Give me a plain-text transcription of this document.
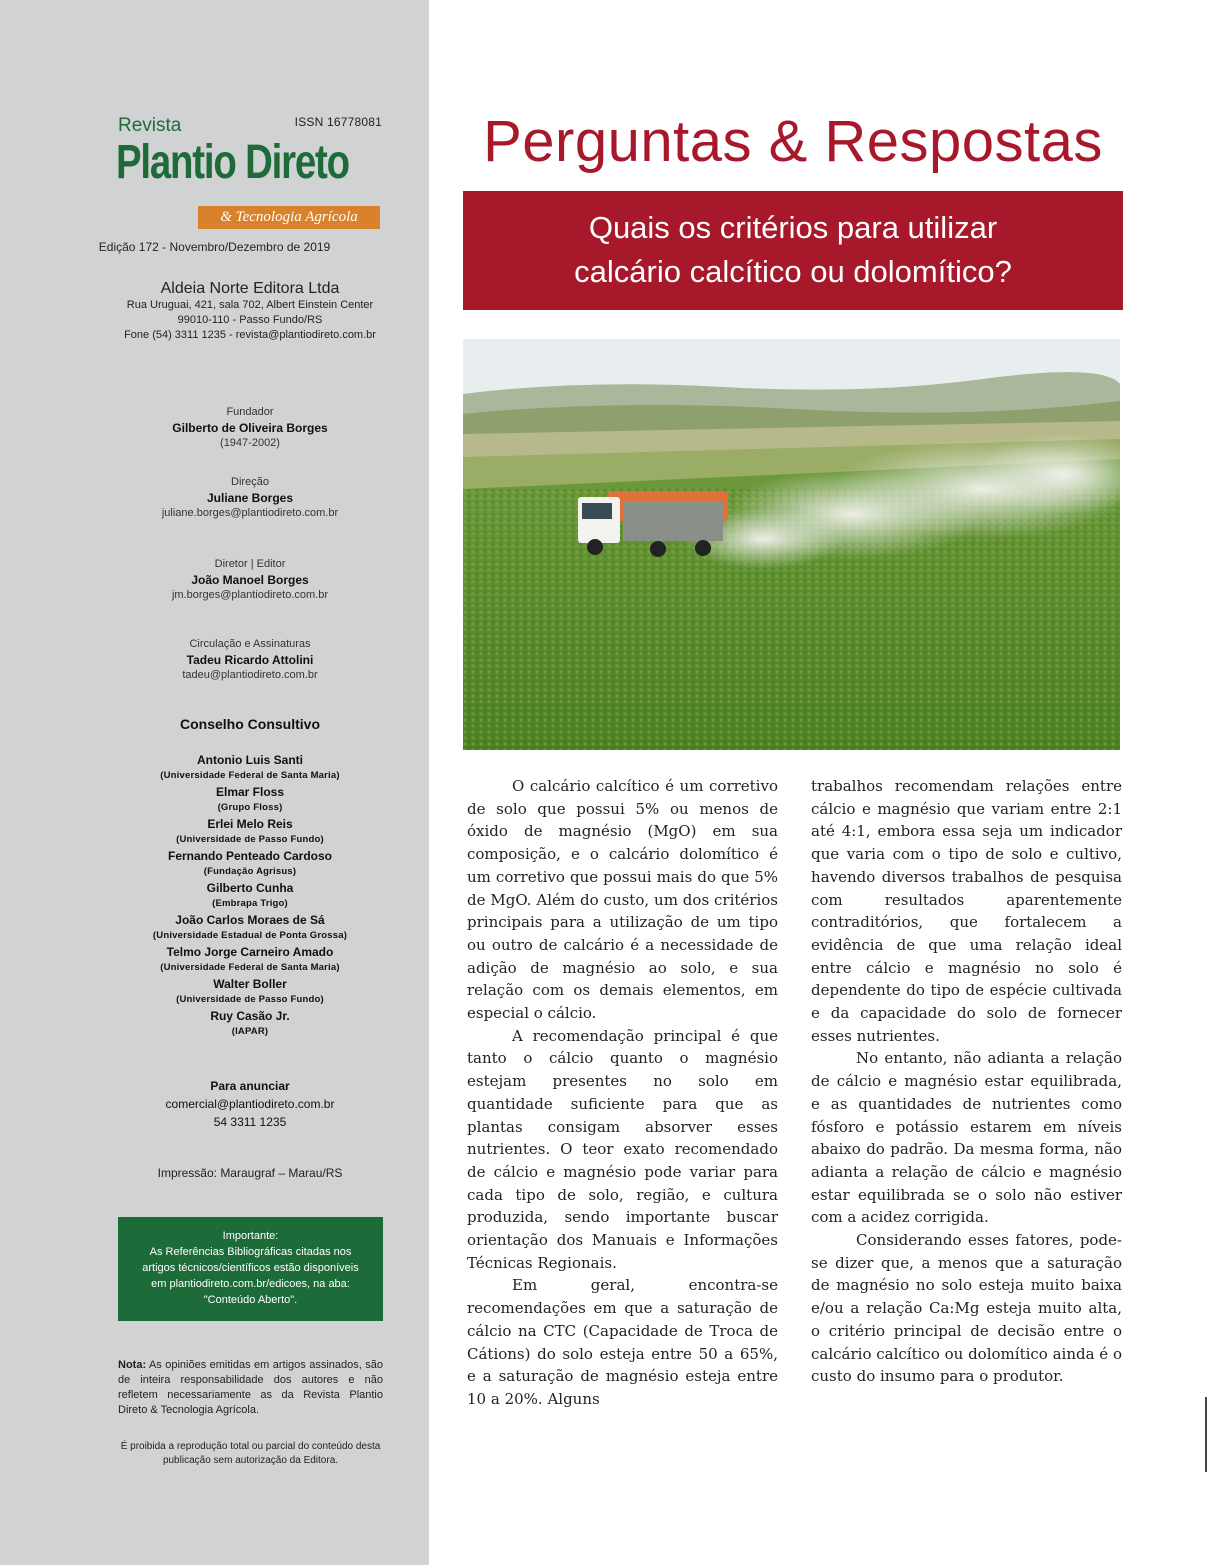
Revista	ISSN 16778081
Plantio Direto
& Tecnologia Agrícola
Edição 172 - Novembro/Dezembro de 2019
Aldeia Norte Editora Ltda
Rua Uruguai, 421, sala 702, Albert Einstein Center
99010-110 - Passo Fundo/RS
Fone (54) 3311 1235 - revista@plantiodireto.com.br
Fundador
Gilberto de Oliveira Borges
(1947-2002)
Direção
Juliane Borges
juliane.borges@plantiodireto.com.br
Diretor | Editor
João Manoel Borges
jm.borges@plantiodireto.com.br
Circulação e Assinaturas
Tadeu Ricardo Attolini
tadeu@plantiodireto.com.br
Conselho Consultivo
Antonio Luis Santi
(Universidade Federal de Santa Maria)
Elmar Floss
(Grupo Floss)
Erlei Melo Reis
(Universidade de Passo Fundo)
Fernando Penteado Cardoso
(Fundação Agrisus)
Gilberto Cunha
(Embrapa Trigo)
João Carlos Moraes de Sá
(Universidade Estadual de Ponta Grossa)
Telmo Jorge Carneiro Amado
(Universidade Federal de Santa Maria)
Walter Boller
(Universidade de Passo Fundo)
Ruy Casão Jr.
(IAPAR)
Para anunciar
comercial@plantiodireto.com.br
54 3311 1235
Impressão: Maraugraf – Marau/RS
Importante:
As Referências Bibliográficas citadas nos
artigos técnicos/científicos estão disponíveis
em plantiodireto.com.br/edicoes, na aba:
"Conteúdo Aberto".
Nota: As opiniões emitidas em artigos assinados, são de inteira responsabilidade dos autores e não refletem necessariamente as da Revista Plantio Direto & Tecnologia Agrícola.
É proibida a reprodução total ou parcial do conteúdo desta publicação sem autorização da Editora.
Perguntas & Respostas
Quais os critérios para utilizar
calcário calcítico ou dolomítico?

O calcário calcítico é um corretivo de solo que possui 5% ou menos de óxido de magnésio (MgO) em sua composição, e o calcário dolomítico é um corretivo que possui mais do que 5% de MgO. Além do custo, um dos critérios principais para a utilização de um tipo ou outro de calcário é a necessidade de adição de magnésio ao solo, e sua relação com os demais elementos, em especial o cálcio.

A recomendação principal é que tanto o cálcio quanto o magnésio estejam presentes no solo em quantidade suficiente para que as plantas consigam absorver esses nutrientes. O teor exato recomendado de cálcio e magnésio pode variar para cada tipo de solo, região, e cultura produzida, sendo importante buscar orientação dos Manuais e Informações Técnicas Regionais.

Em geral, encontra-se recomendações em que a saturação de cálcio na CTC (Capacidade de Troca de Cátions) do solo esteja entre 50 a 65%, e a saturação de magnésio esteja entre 10 a 20%. Alguns

trabalhos recomendam relações entre cálcio e magnésio que variam entre 2:1 até 4:1, embora essa seja um indicador que varia com o tipo de solo e cultivo, havendo diversos trabalhos de pesquisa com resultados aparentemente contraditórios, que fortalecem a evidência de que uma relação ideal entre cálcio e magnésio no solo é dependente do tipo de espécie cultivada e da capacidade do solo de fornecer esses nutrientes.

No entanto, não adianta a relação de cálcio e magnésio estar equilibrada, e as quantidades de nutrientes como fósforo e potássio estarem em níveis abaixo do padrão. Da mesma forma, não adianta a relação de cálcio e magnésio estar equilibrada se o solo não estiver com a acidez corrigida.

Considerando esses fatores, pode-se dizer que, a menos que a saturação de magnésio no solo esteja muito baixa e/ou a relação Ca:Mg esteja muito alta, o critério principal de decisão entre o calcário calcítico ou dolomítico ainda é o custo do insumo para o produtor.
